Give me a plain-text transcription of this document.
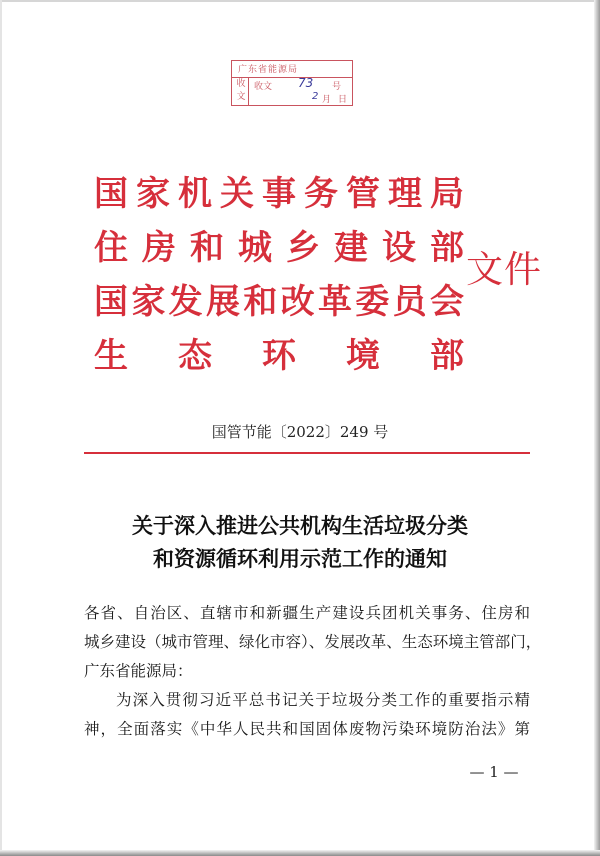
广东省能源局
收
文
收文 73 号
2 月 日
国 家 机 关 事 务 管 理 局
住 房 和 城 乡 建 设 部
国 家 发 展 和 改 革 委 员 会
生 态 环 境 部
文件
国管节能〔2022〕249 号
关于深入推进公共机构生活垃圾分类
和资源循环利用示范工作的通知
各省、自治区、直辖市和新疆生产建设兵团机关事务、住房和
城乡建设（城市管理、绿化市容）、发展改革、生态环境主管部门，
广东省能源局：
为深入贯彻习近平总书记关于垃圾分类工作的重要指示精
神，全面落实《中华人民共和国固体废物污染环境防治法》第
— 1 —
